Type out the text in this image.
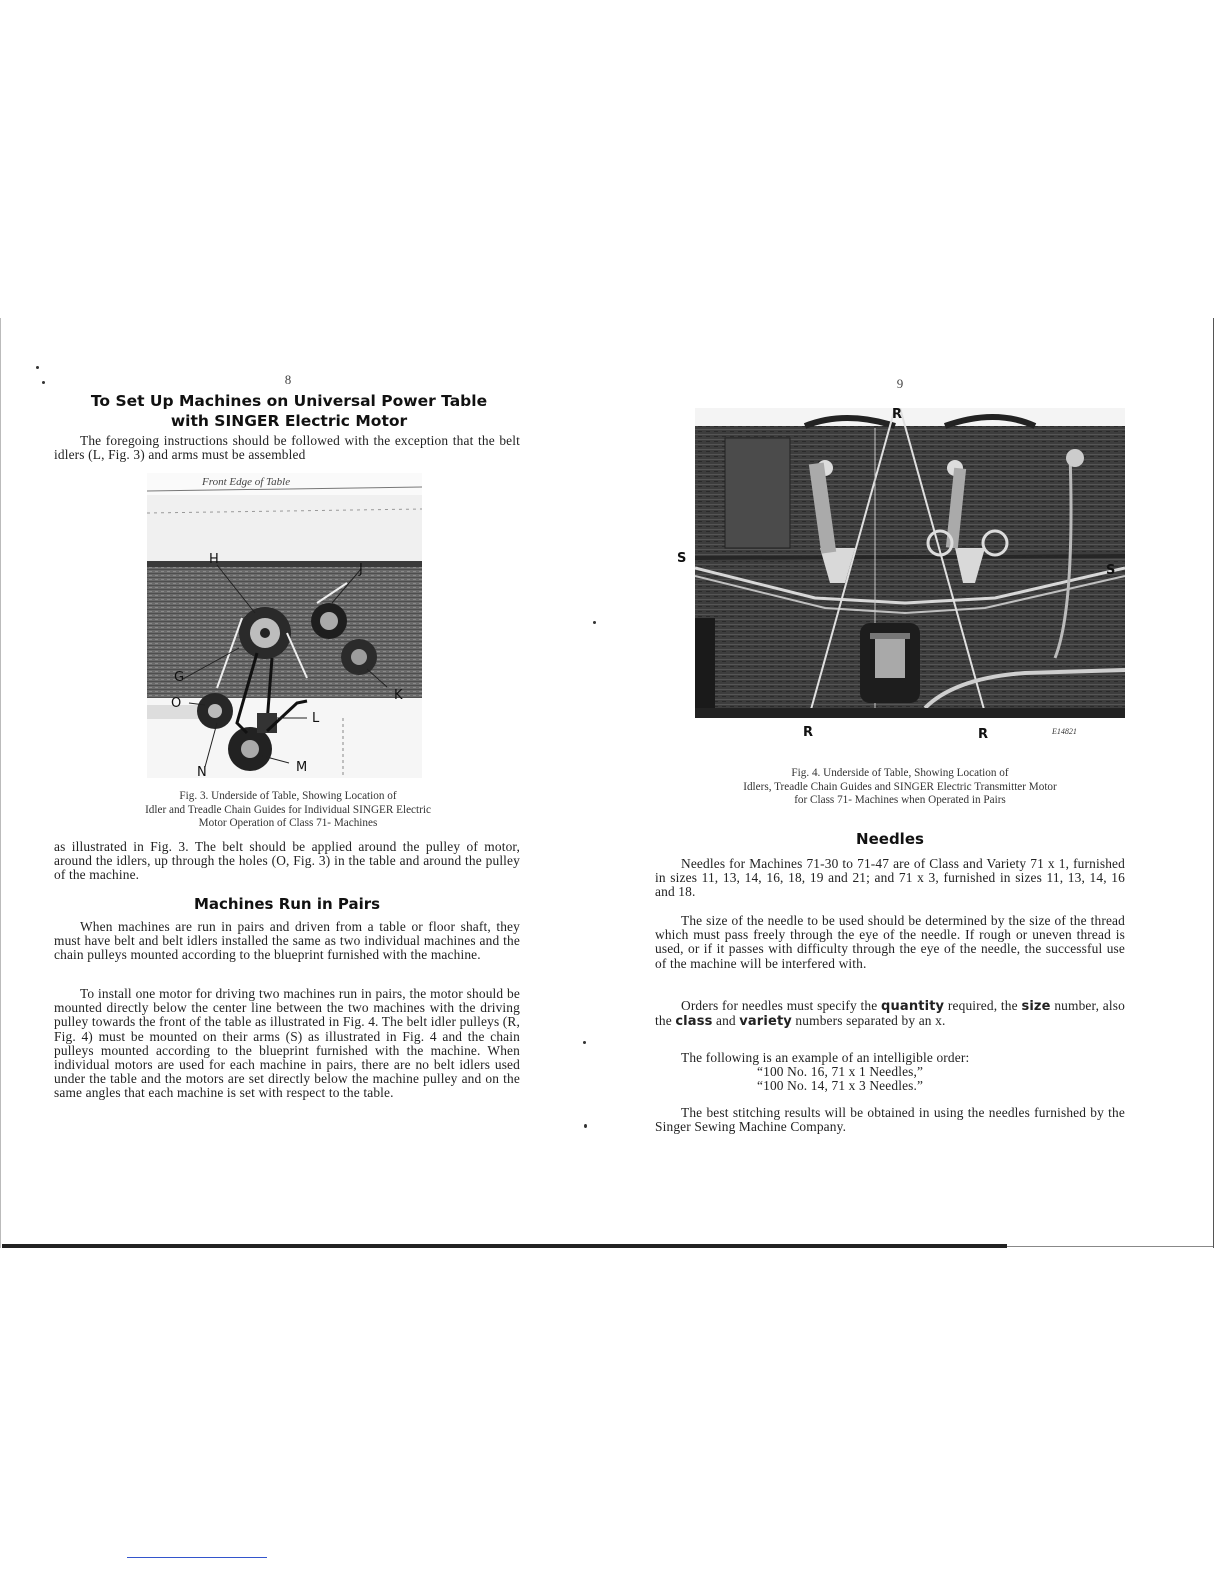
8
To Set Up Machines on Universal Power Table
with SINGER Electric Motor

The foregoing instructions should be followed with the exception that the belt idlers (L, Fig. 3) and arms must be assembled

Front Edge of Table
H
J
G
K
O
L
N	M
Fig. 3. Underside of Table, Showing Location of
Idler and Treadle Chain Guides for Individual SINGER Electric
Motor Operation of Class 71- Machines

as illustrated in Fig. 3. The belt should be applied around the pulley of motor, around the idlers, up through the holes (O, Fig. 3) in the table and around the pulley of the machine.

Machines Run in Pairs

When machines are run in pairs and driven from a table or floor shaft, they must have belt and belt idlers installed the same as two individual machines and the chain pulleys mounted according to the blueprint furnished with the machine.

To install one motor for driving two machines run in pairs, the motor should be mounted directly below the center line between the two machines with the driving pulley towards the front of the table as illustrated in Fig. 4. The belt idler pulleys (R, Fig. 4) must be mounted on their arms (S) as illustrated in Fig. 4 and the chain pulleys mounted according to the blueprint furnished with the machine. When individual motors are used for each machine in pairs, there are no belt idlers used under the table and the motors are set directly below the machine pulley and on the same angles that each machine is set with respect to the table.

9
R
S
S
R	R	E14821
Fig. 4. Underside of Table, Showing Location of
Idlers, Treadle Chain Guides and SINGER Electric Transmitter Motor
for Class 71- Machines when Operated in Pairs
Needles

Needles for Machines 71-30 to 71-47 are of Class and Variety 71 x 1, furnished in sizes 11, 13, 14, 16, 18, 19 and 21; and 71 x 3, furnished in sizes 11, 13, 14, 16 and 18.

The size of the needle to be used should be determined by the size of the thread which must pass freely through the eye of the needle. If rough or uneven thread is used, or if it passes with difficulty through the eye of the needle, the successful use of the machine will be interfered with.

Orders for needles must specify the quantity required, the size number, also the class and variety numbers separated by an x.

The following is an example of an intelligible order:

“100 No. 16, 71 x 1 Needles,”

“100 No. 14, 71 x 3 Needles.”

The best stitching results will be obtained in using the needles furnished by the Singer Sewing Machine Company.
